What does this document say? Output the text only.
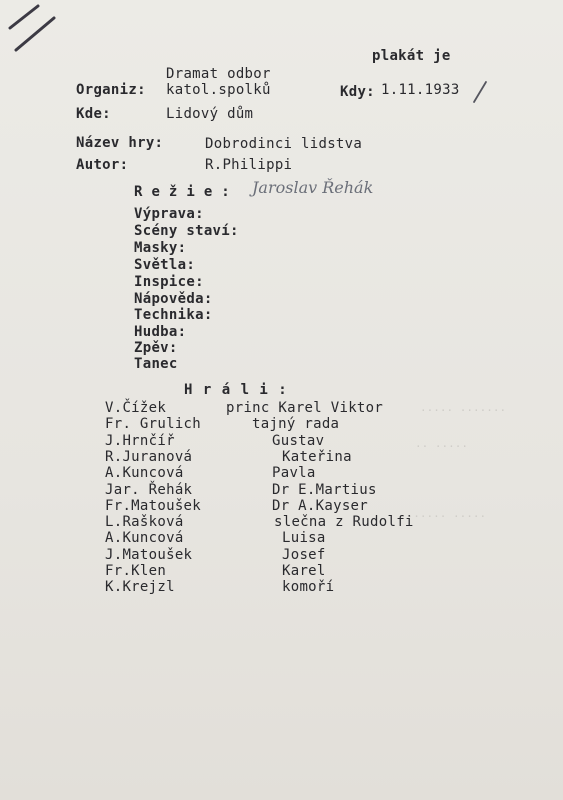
····· ·······
·· ·····
······· ·····
plakát je
Dramat odbor
Organiz: katol.spolků	Kdy: 1.11.1933
Kde:	Lidový dům
Název hry:	Dobrodinci lidstva
Autor:	R.Philippi
R e ž i e : Jaroslav Řehák
Výprava:
Scény staví:
Masky:
Světla:
Inspice:
Nápověda:
Technika:
Hudba:
Zpěv:
Tanec
H r á l i :
V.Čížek	princ Karel Viktor
Fr. Grulich	tajný rada
J.Hrnčíř	Gustav
R.Juranová	Kateřina
A.Kuncová	Pavla
Jar. Řehák	Dr E.Martius
Fr.Matoušek	Dr A.Kayser
L.Rašková	slečna z Rudolfi
A.Kuncová	Luisa
J.Matoušek	Josef
Fr.Klen	Karel
K.Krejzl	komoří
